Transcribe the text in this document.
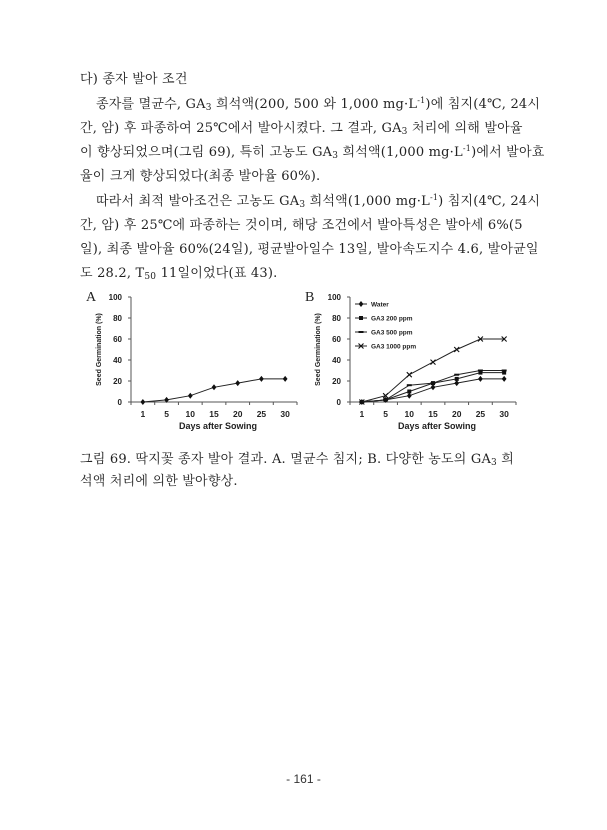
다) 종자 발아 조건
종자를 멸균수, $GA_3$ 희석액(200, 500 와 1,000 $mg\cdot L^{-1}$)에 침지(4℃, 24시
간, 암) 후 파종하여 25℃에서 발아시켰다. 그 결과, $GA_3$ 처리에 의해 발아율
이 향상되었으며(그림 69), 특히 고농도 $GA_3$ 희석액(1,000 $mg\cdot L^{-1}$)에서 발아효
율이 크게 향상되었다(최종 발아율 60%).
따라서 최적 발아조건은 고농도 $GA_3$ 희석액(1,000 $mg\cdot L^{-1}$) 침지(4℃, 24시
간, 암) 후 25℃에 파종하는 것이며, 해당 조건에서 발아특성은 발아세 6%(5
일), 최종 발아율 60%(24일), 평균발아일수 13일, 발아속도지수 4.6, 발아균일
도 28.2, $T_{50}$ 11일이었다(표 43).
A	B
0
20
40
60
80
100
1 5 10 15 20 25 30
Days after Sowing
Seed Germination (%)
0
20
40
60
80
100
1 5 10 15 20 25 30
Days after Sowing
Seed Germination (%)
Water
GA3 200 ppm
GA3 500 ppm
GA3 1000 ppm
그림 69. 딱지꽃 종자 발아 결과. A. 멸균수 침지; B. 다양한 농도의 $GA_3$ 희
석액 처리에 의한 발아향상.
- 161 -
